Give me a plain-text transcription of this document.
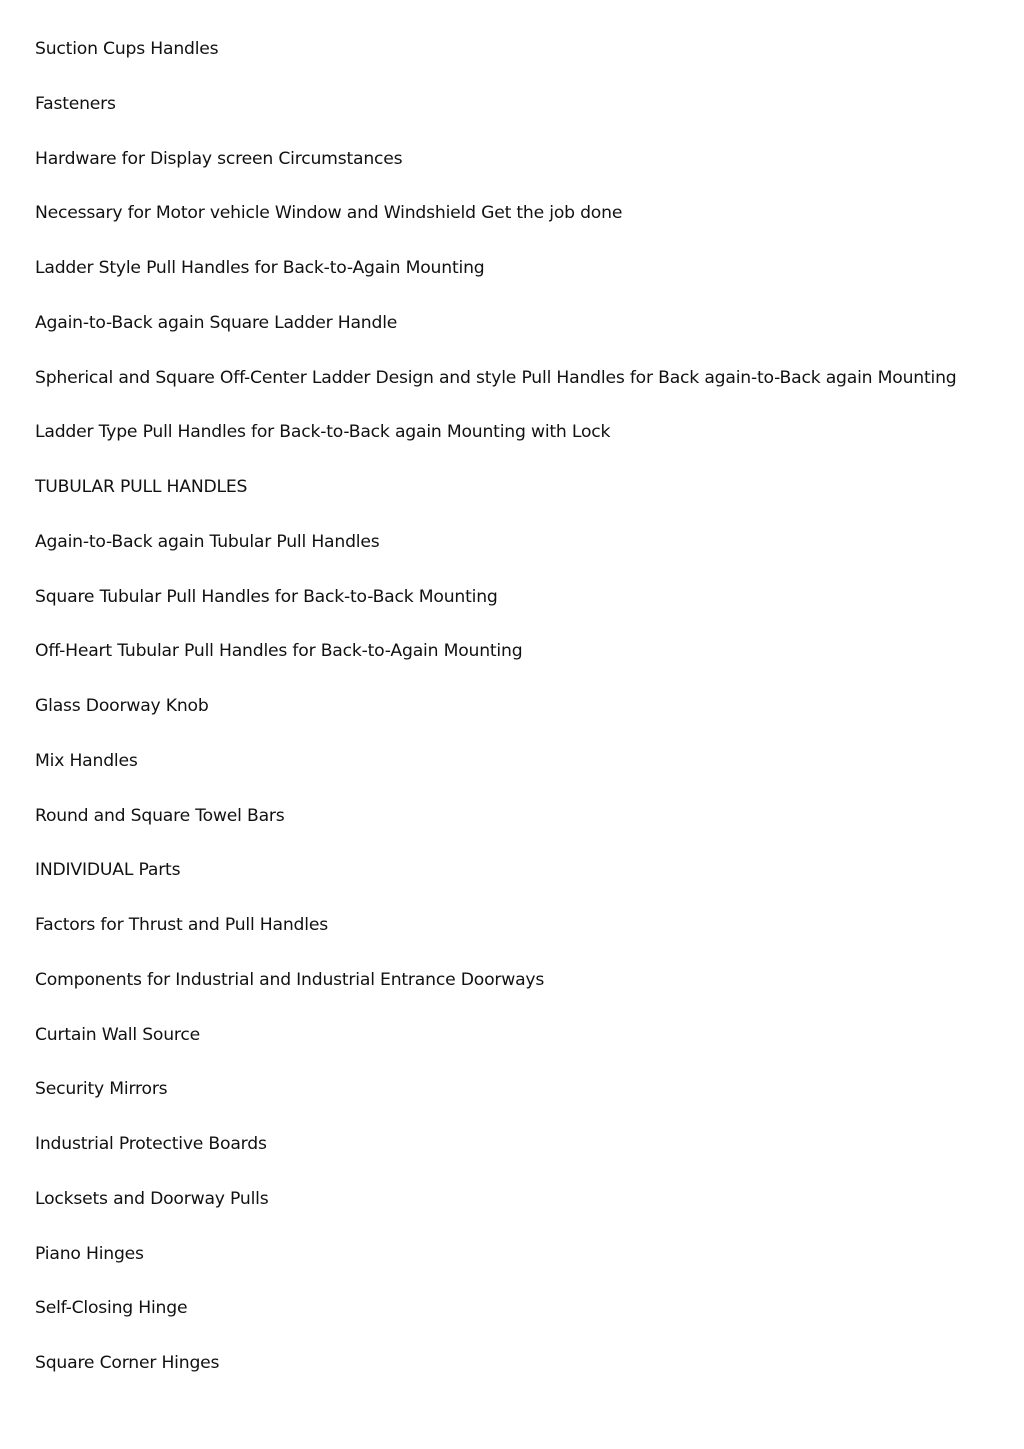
Suction Cups Handles
Fasteners
Hardware for Display screen Circumstances
Necessary for Motor vehicle Window and Windshield Get the job done
Ladder Style Pull Handles for Back-to-Again Mounting
Again-to-Back again Square Ladder Handle
Spherical and Square Off-Center Ladder Design and style Pull Handles for Back again-to-Back again Mounting
Ladder Type Pull Handles for Back-to-Back again Mounting with Lock
TUBULAR PULL HANDLES
Again-to-Back again Tubular Pull Handles
Square Tubular Pull Handles for Back-to-Back Mounting
Off-Heart Tubular Pull Handles for Back-to-Again Mounting
Glass Doorway Knob
Mix Handles
Round and Square Towel Bars
INDIVIDUAL Parts
Factors for Thrust and Pull Handles
Components for Industrial and Industrial Entrance Doorways
Curtain Wall Source
Security Mirrors
Industrial Protective Boards
Locksets and Doorway Pulls
Piano Hinges
Self-Closing Hinge
Square Corner Hinges
